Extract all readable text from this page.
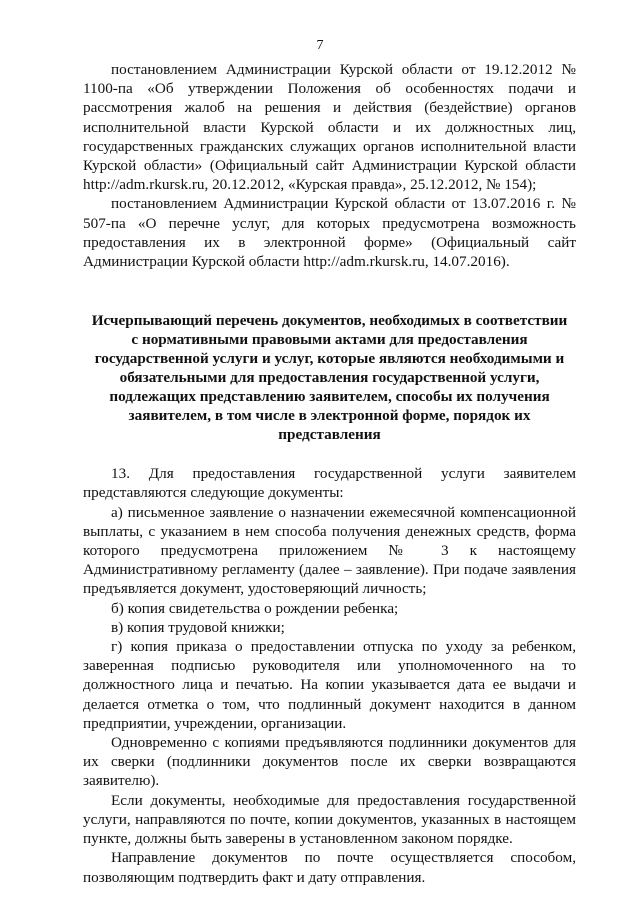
7

постановлением Администрации Курской области от 19.12.2012 № 1100-па «Об утверждении Положения об особенностях подачи и рассмотрения жалоб на решения и действия (бездействие) органов исполнительной власти Курской области и их должностных лиц, государственных гражданских служащих органов исполнительной власти Курской области» (Официальный сайт Администрации Курской области http://adm.rkursk.ru, 20.12.2012, «Курская правда», 25.12.2012, № 154);

постановлением Администрации Курской области от 13.07.2016 г. № 507-па «О перечне услуг, для которых предусмотрена возможность предоставления их в электронной форме» (Официальный сайт Администрации Курской области http://adm.rkursk.ru, 14.07.2016).

Исчерпывающий перечень документов, необходимых в соответствии с нормативными правовыми актами для предоставления государственной услуги и услуг, которые являются необходимыми и обязательными для предоставления государственной услуги, подлежащих представлению заявителем, способы их получения заявителем, в том числе в электронной форме, порядок их представления

13. Для предоставления государственной услуги заявителем представляются следующие документы:

а) письменное заявление о назначении ежемесячной компенсационной выплаты, с указанием в нем способа получения денежных средств, форма которого предусмотрена приложением № 3 к настоящему Административному регламенту (далее – заявление). При подаче заявления предъявляется документ, удостоверяющий личность;

б) копия свидетельства о рождении ребенка;

в) копия трудовой книжки;

г) копия приказа о предоставлении отпуска по уходу за ребенком, заверенная подписью руководителя или уполномоченного на то должностного лица и печатью. На копии указывается дата ее выдачи и делается отметка о том, что подлинный документ находится в данном предприятии, учреждении, организации.

Одновременно с копиями предъявляются подлинники документов для их сверки (подлинники документов после их сверки возвращаются заявителю).

Если документы, необходимые для предоставления государственной услуги, направляются по почте, копии документов, указанных в настоящем пункте, должны быть заверены в установленном законом порядке.

Направление документов по почте осуществляется способом, позволяющим подтвердить факт и дату отправления.
